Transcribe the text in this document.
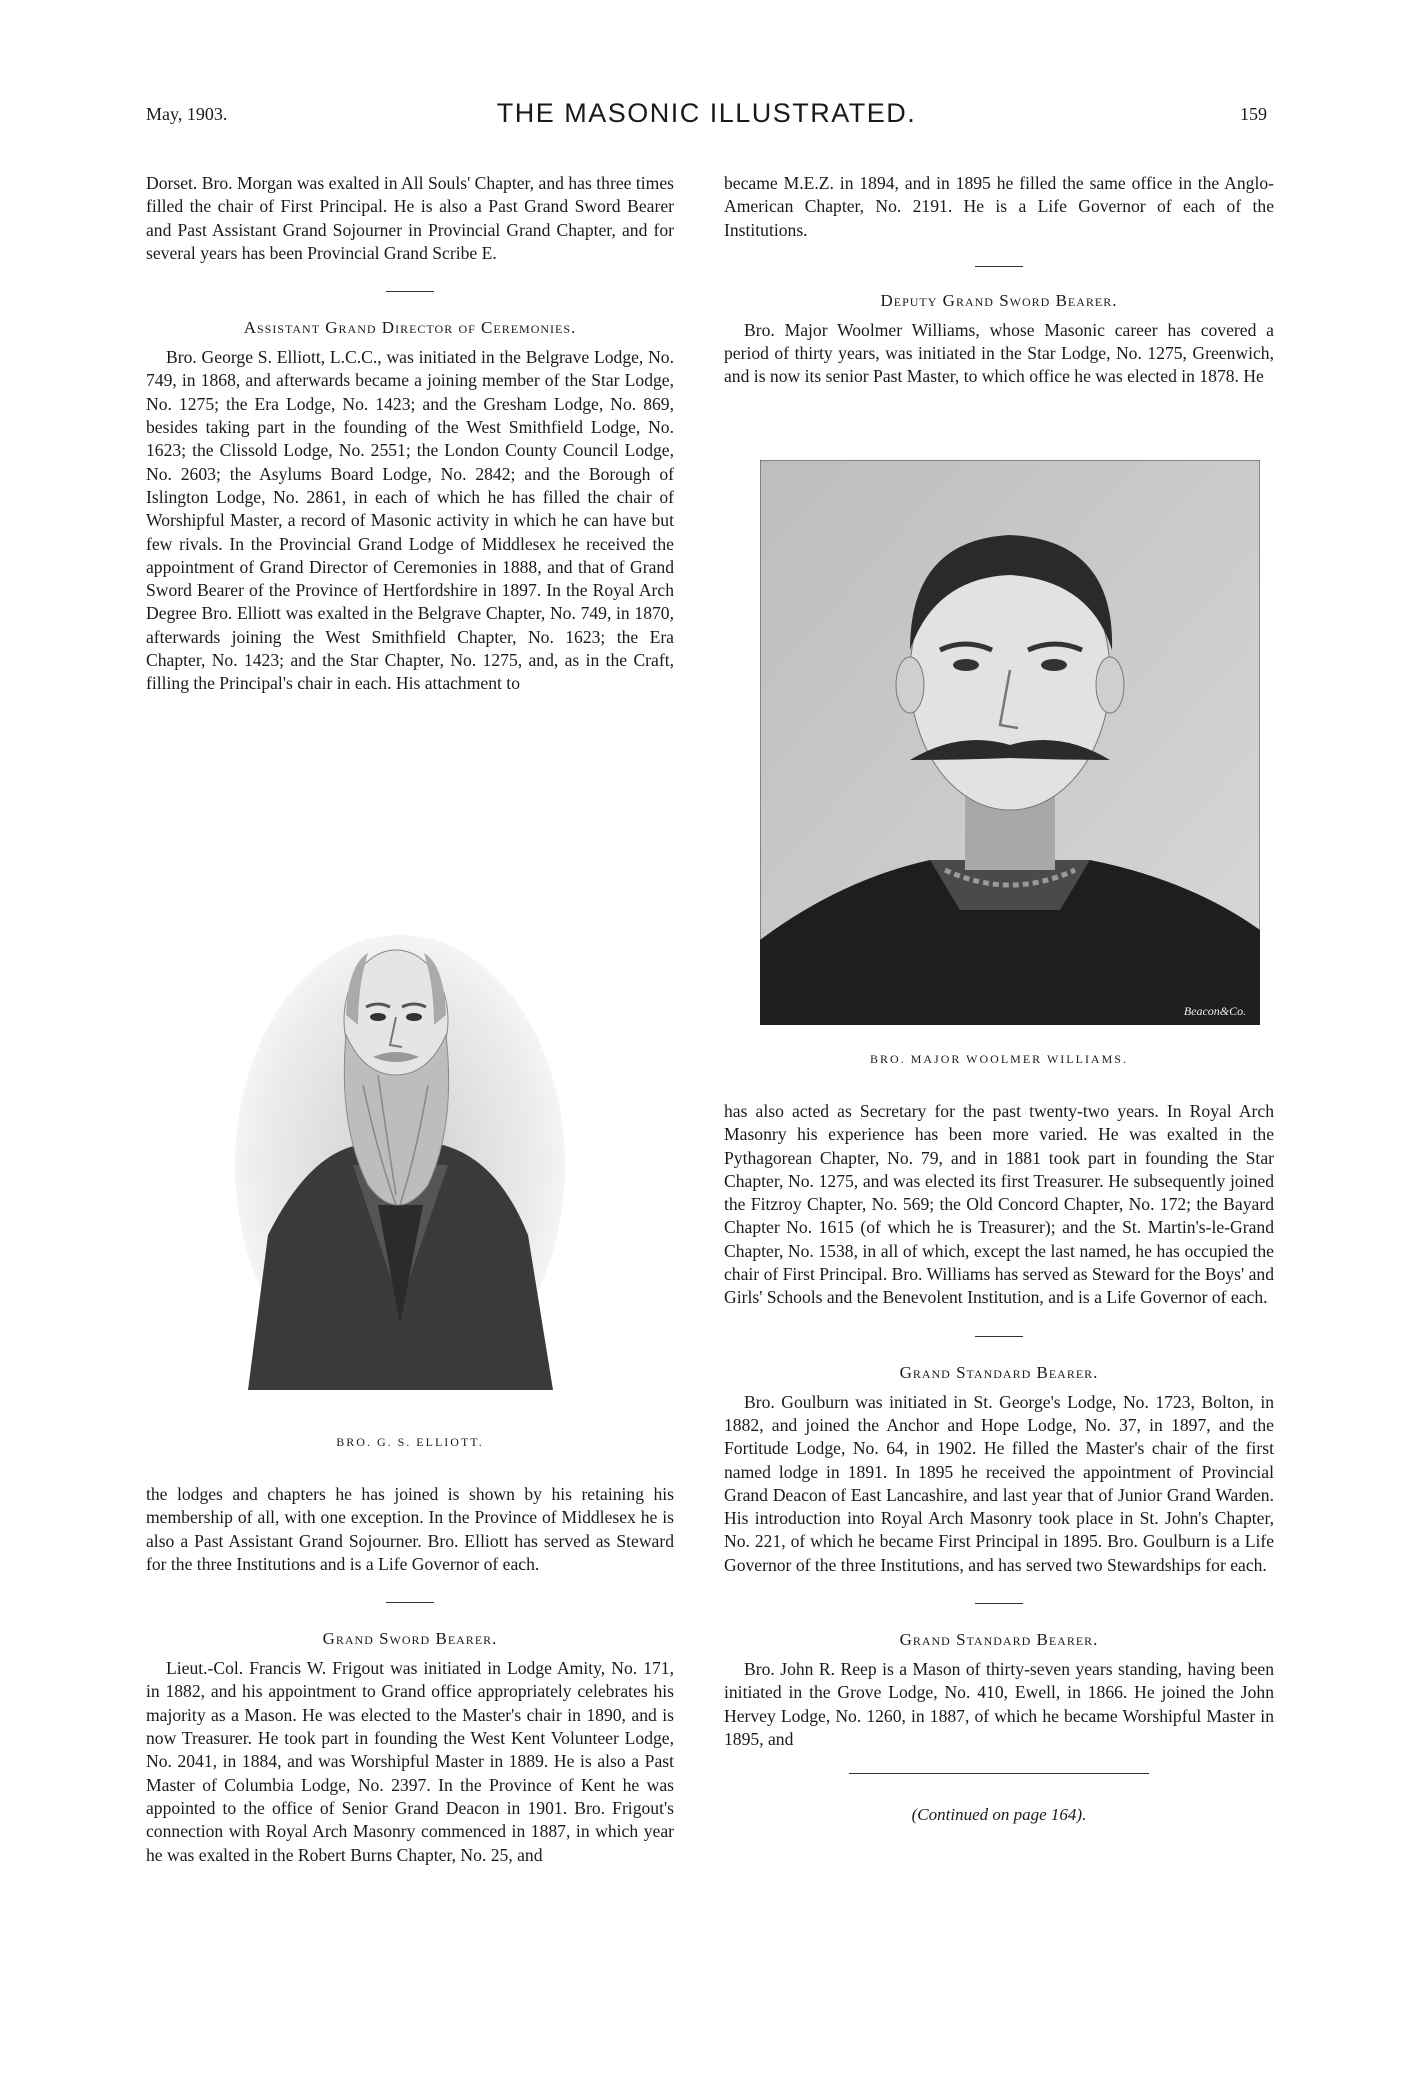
May, 1903.	THE MASONIC ILLUSTRATED.	159

Dorset. Bro. Morgan was exalted in All Souls' Chapter, and has three times filled the chair of First Principal. He is also a Past Grand Sword Bearer and Past Assistant Grand Sojourner in Provincial Grand Chapter, and for several years has been Provincial Grand Scribe E.

Assistant Grand Director of Ceremonies.

Bro. George S. Elliott, L.C.C., was initiated in the Belgrave Lodge, No. 749, in 1868, and afterwards became a joining member of the Star Lodge, No. 1275; the Era Lodge, No. 1423; and the Gresham Lodge, No. 869, besides taking part in the founding of the West Smithfield Lodge, No. 1623; the Clissold Lodge, No. 2551; the London County Council Lodge, No. 2603; the Asylums Board Lodge, No. 2842; and the Borough of Islington Lodge, No. 2861, in each of which he has filled the chair of Worshipful Master, a record of Masonic activity in which he can have but few rivals. In the Provincial Grand Lodge of Middlesex he received the appointment of Grand Director of Ceremonies in 1888, and that of Grand Sword Bearer of the Province of Hertfordshire in 1897. In the Royal Arch Degree Bro. Elliott was exalted in the Belgrave Chapter, No. 749, in 1870, afterwards joining the West Smithfield Chapter, No. 1623; the Era Chapter, No. 1423; and the Star Chapter, No. 1275, and, as in the Craft, filling the Principal's chair in each. His attachment to

BRO. G. S. ELLIOTT.

the lodges and chapters he has joined is shown by his retaining his membership of all, with one exception. In the Province of Middlesex he is also a Past Assistant Grand Sojourner. Bro. Elliott has served as Steward for the three Institutions and is a Life Governor of each.

Grand Sword Bearer.

Lieut.-Col. Francis W. Frigout was initiated in Lodge Amity, No. 171, in 1882, and his appointment to Grand office appropriately celebrates his majority as a Mason. He was elected to the Master's chair in 1890, and is now Treasurer. He took part in founding the West Kent Volunteer Lodge, No. 2041, in 1884, and was Worshipful Master in 1889. He is also a Past Master of Columbia Lodge, No. 2397. In the Province of Kent he was appointed to the office of Senior Grand Deacon in 1901. Bro. Frigout's connection with Royal Arch Masonry commenced in 1887, in which year he was exalted in the Robert Burns Chapter, No. 25, and

became M.E.Z. in 1894, and in 1895 he filled the same office in the Anglo-American Chapter, No. 2191. He is a Life Governor of each of the Institutions.

Deputy Grand Sword Bearer.

Bro. Major Woolmer Williams, whose Masonic career has covered a period of thirty years, was initiated in the Star Lodge, No. 1275, Greenwich, and is now its senior Past Master, to which office he was elected in 1878. He

Beacon&Co.

BRO. MAJOR WOOLMER WILLIAMS.

has also acted as Secretary for the past twenty-two years. In Royal Arch Masonry his experience has been more varied. He was exalted in the Pythagorean Chapter, No. 79, and in 1881 took part in founding the Star Chapter, No. 1275, and was elected its first Treasurer. He subsequently joined the Fitzroy Chapter, No. 569; the Old Concord Chapter, No. 172; the Bayard Chapter No. 1615 (of which he is Treasurer); and the St. Martin's-le-Grand Chapter, No. 1538, in all of which, except the last named, he has occupied the chair of First Principal. Bro. Williams has served as Steward for the Boys' and Girls' Schools and the Benevolent Institution, and is a Life Governor of each.

Grand Standard Bearer.

Bro. Goulburn was initiated in St. George's Lodge, No. 1723, Bolton, in 1882, and joined the Anchor and Hope Lodge, No. 37, in 1897, and the Fortitude Lodge, No. 64, in 1902. He filled the Master's chair of the first named lodge in 1891. In 1895 he received the appointment of Provincial Grand Deacon of East Lancashire, and last year that of Junior Grand Warden. His introduction into Royal Arch Masonry took place in St. John's Chapter, No. 221, of which he became First Principal in 1895. Bro. Goulburn is a Life Governor of the three Institutions, and has served two Stewardships for each.

Grand Standard Bearer.

Bro. John R. Reep is a Mason of thirty-seven years standing, having been initiated in the Grove Lodge, No. 410, Ewell, in 1866. He joined the John Hervey Lodge, No. 1260, in 1887, of which he became Worshipful Master in 1895, and

(Continued on page 164).
